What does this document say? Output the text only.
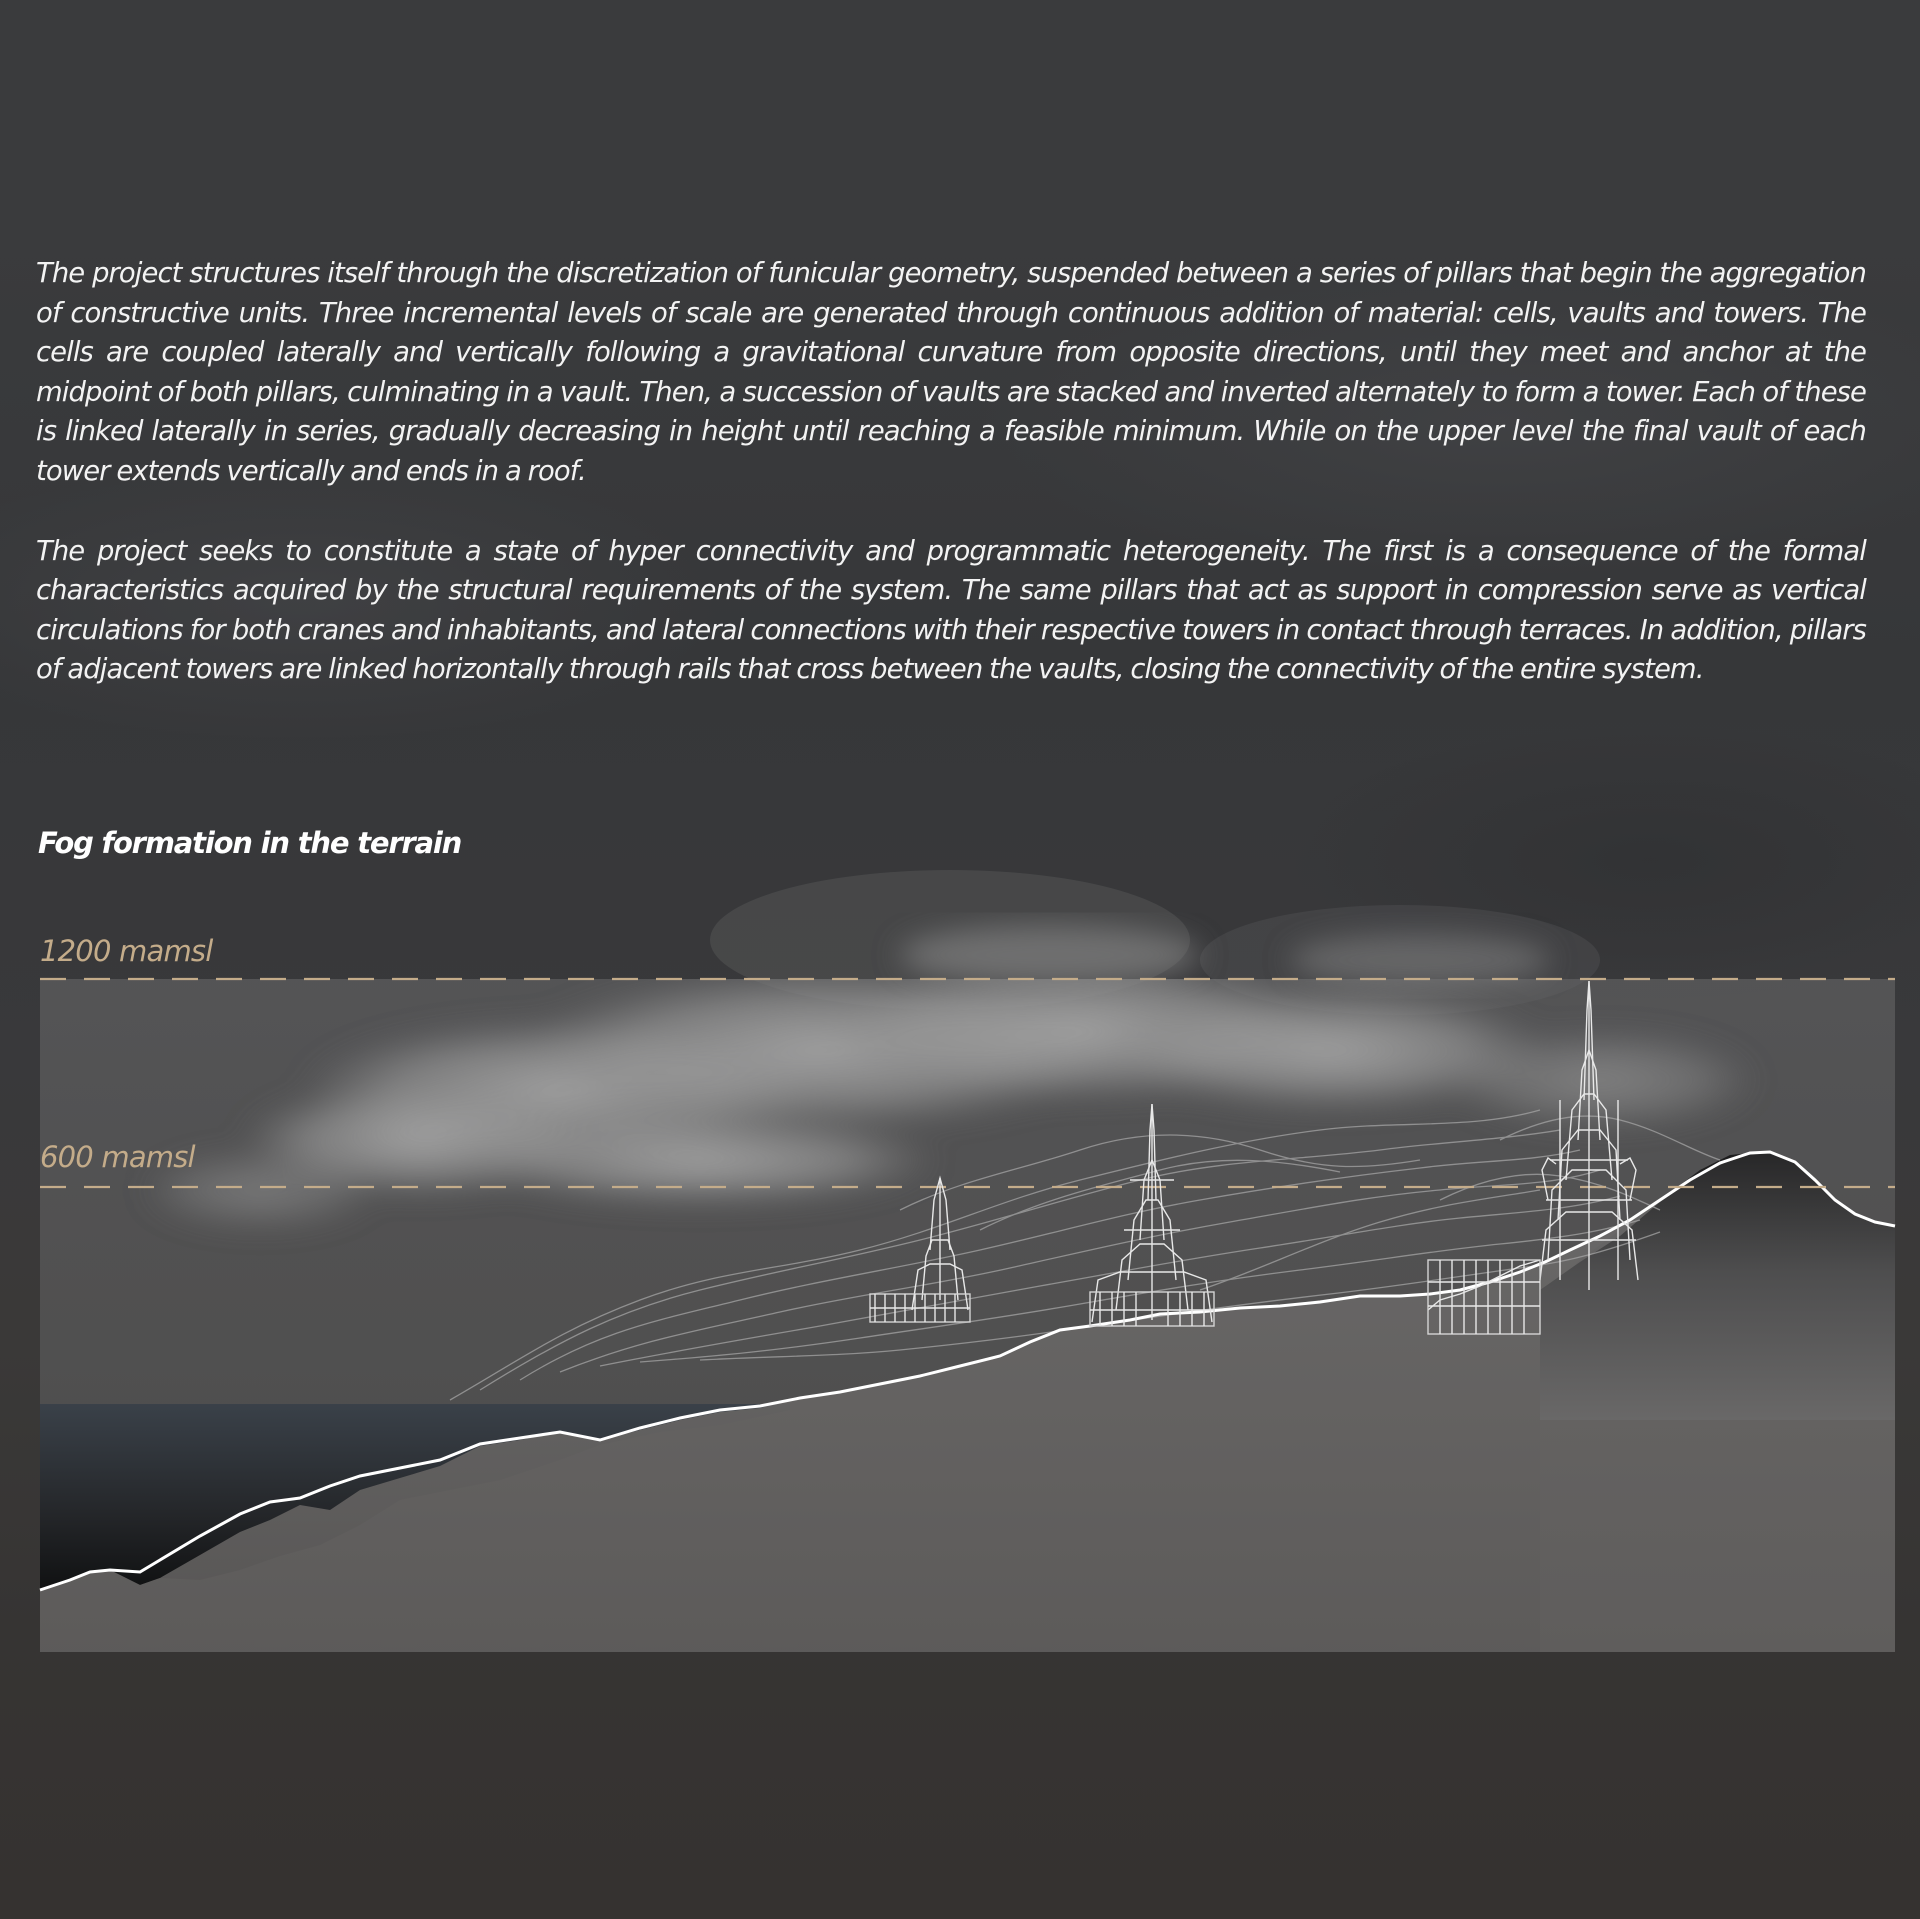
The project structures itself through the discretization of funicular geometry, suspended between a series of pillars that begin the aggregation of constructive units. Three incremental levels of scale are generated through continuous addition of material: cells, vaults and towers. The cells are coupled laterally and vertically following a gravitational curvature from opposite directions, until they meet and anchor at the midpoint of both pillars, culminating in a vault. Then, a succession of vaults are stacked and inverted alternately to form a tower. Each of these is linked laterally in series, gradually decreasing in height until reaching a feasible minimum. While on the upper level the final vault of each tower extends vertically and ends in a roof.

The project seeks to constitute a state of hyper connectivity and programmatic heterogeneity. The first is a consequence of the formal characteristics acquired by the structural requirements of the system. The same pillars that act as support in compression serve as vertical circulations for both cranes and inhabitants, and lateral connections with their respective towers in contact through terraces. In addition, pillars of adjacent towers are linked horizontally through rails that cross between the vaults, closing the connectivity of the entire system.

Fog formation in the terrain
1200 mamsl
600 mamsl
